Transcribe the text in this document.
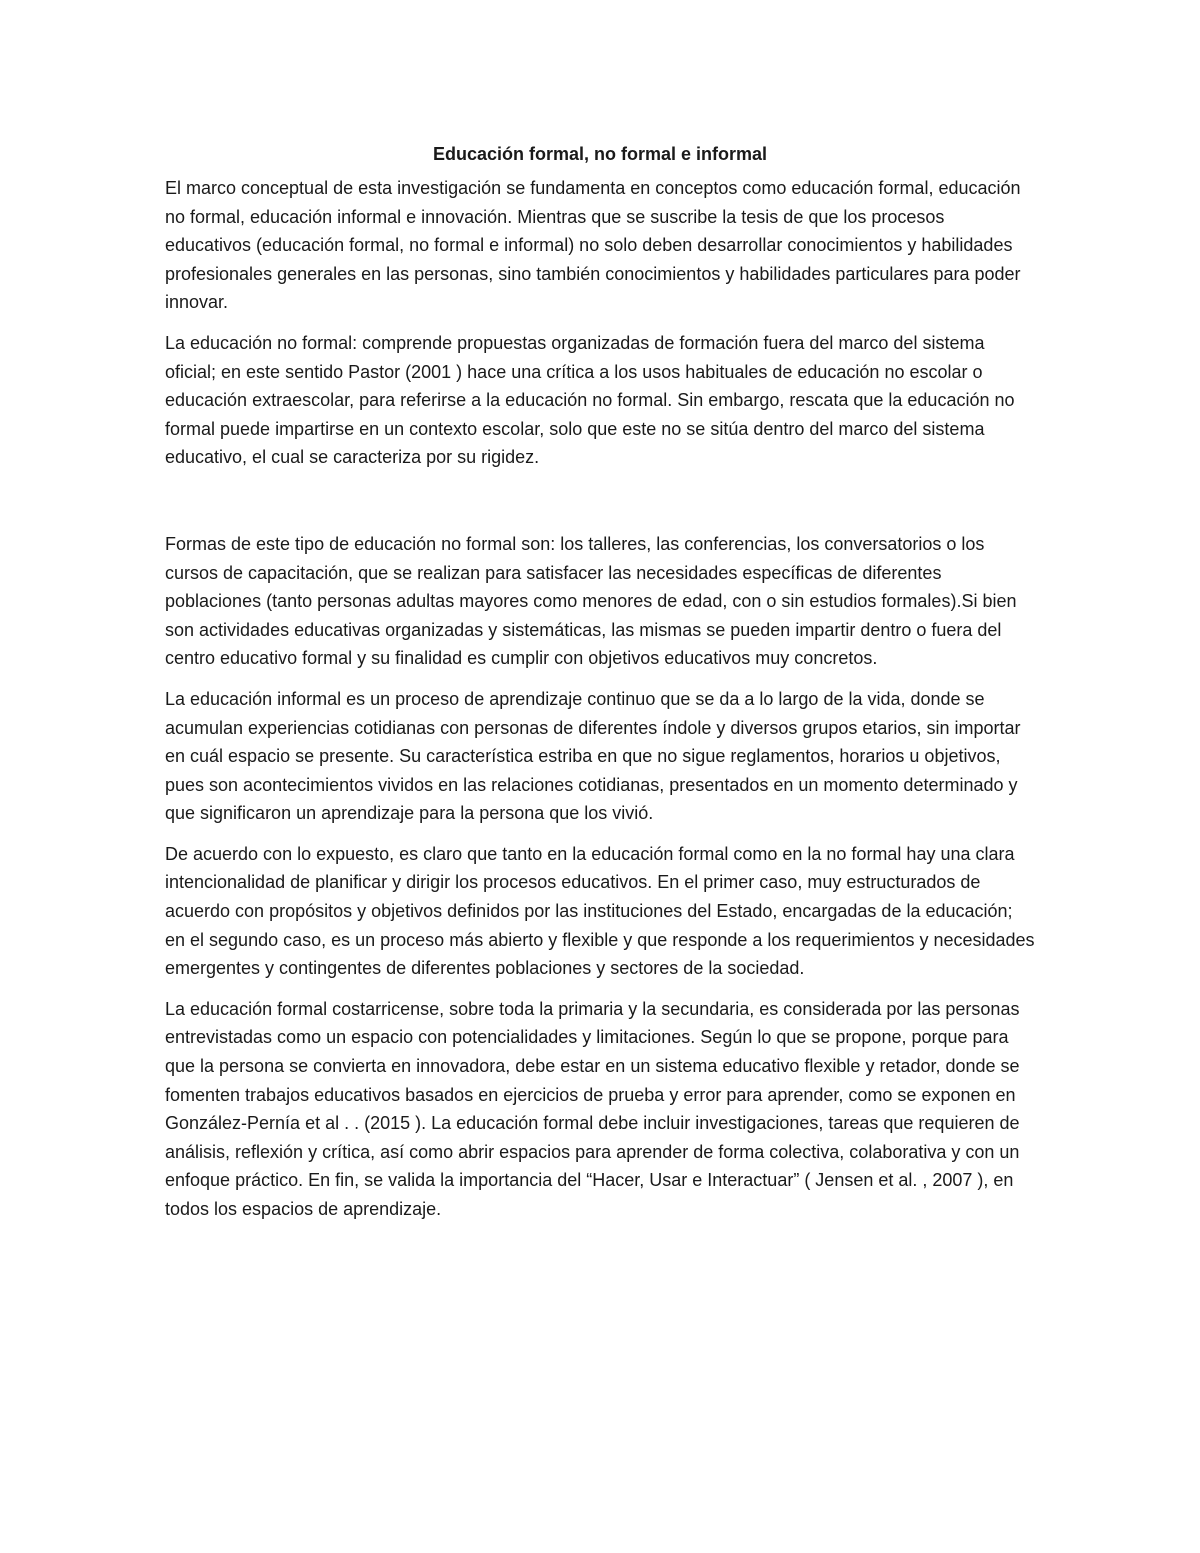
Educación formal, no formal e informal

El marco conceptual de esta investigación se fundamenta en conceptos como educación formal, educación no formal, educación informal e innovación. Mientras que se suscribe la tesis de que los procesos educativos (educación formal, no formal e informal) no solo deben desarrollar conocimientos y habilidades profesionales generales en las personas, sino también conocimientos y habilidades particulares para poder innovar.

La educación no formal: comprende propuestas organizadas de formación fuera del marco del sistema oficial; en este sentido Pastor (2001 ) hace una crítica a los usos habituales de educación no escolar o educación extraescolar, para referirse a la educación no formal. Sin embargo, rescata que la educación no formal puede impartirse en un contexto escolar, solo que este no se sitúa dentro del marco del sistema educativo, el cual se caracteriza por su rigidez.

Formas de este tipo de educación no formal son: los talleres, las conferencias, los conversatorios o los cursos de capacitación, que se realizan para satisfacer las necesidades específicas de diferentes poblaciones (tanto personas adultas mayores como menores de edad, con o sin estudios formales).Si bien son actividades educativas organizadas y sistemáticas, las mismas se pueden impartir dentro o fuera del centro educativo formal y su finalidad es cumplir con objetivos educativos muy concretos.

La educación informal es un proceso de aprendizaje continuo que se da a lo largo de la vida, donde se acumulan experiencias cotidianas con personas de diferentes índole y diversos grupos etarios, sin importar en cuál espacio se presente. Su característica estriba en que no sigue reglamentos, horarios u objetivos, pues son acontecimientos vividos en las relaciones cotidianas, presentados en un momento determinado y que significaron un aprendizaje para la persona que los vivió.

De acuerdo con lo expuesto, es claro que tanto en la educación formal como en la no formal hay una clara intencionalidad de planificar y dirigir los procesos educativos. En el primer caso, muy estructurados de acuerdo con propósitos y objetivos definidos por las instituciones del Estado, encargadas de la educación; en el segundo caso, es un proceso más abierto y flexible y que responde a los requerimientos y necesidades emergentes y contingentes de diferentes poblaciones y sectores de la sociedad.

La educación formal costarricense, sobre toda la primaria y la secundaria, es considerada por las personas entrevistadas como un espacio con potencialidades y limitaciones. Según lo que se propone, porque para que la persona se convierta en innovadora, debe estar en un sistema educativo flexible y retador, donde se fomenten trabajos educativos basados en ejercicios de prueba y error para aprender, como se exponen en González-Pernía et al . . (2015 ). La educación formal debe incluir investigaciones, tareas que requieren de análisis, reflexión y crítica, así como abrir espacios para aprender de forma colectiva, colaborativa y con un enfoque práctico. En fin, se valida la importancia del “Hacer, Usar e Interactuar” ( Jensen et al. , 2007 ), en todos los espacios de aprendizaje.
